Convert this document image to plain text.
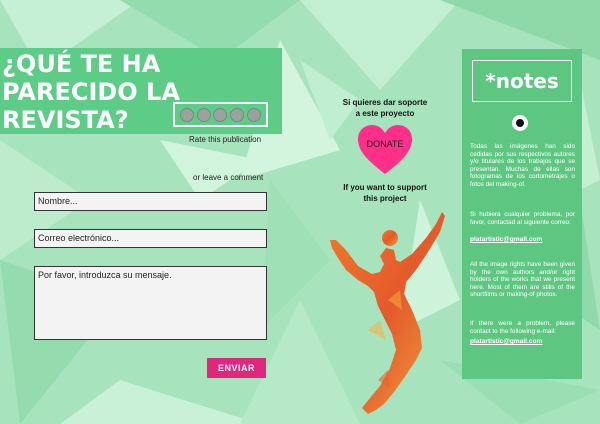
¿QUÉ TE HA
PARECIDO LA
REVISTA?
Rate this publication
or leave a comment
Nombre...
Correo electrónico...
Por favor, introduzca su mensaje.
ENVIAR
Si quieres dar soporte
a este proyecto
DONATE
If you want to support
this project
*notes
Todas las imágenes han sido cedidas por sus respectivos autores y/o titulares de los trabajos que se presentan. Muchas de ellas son fotogramas de los cortometrajes o fotos del making-of.
Si hubiera cualquier problema, por favor, contactad al siguiente correo:
platartistic@gmail.com
All the image rights have been given by the own authors and/or right holders of the works that we present here. Most of them are stills of the shortfilms or making-of photos.
If there were a problem, please contact to the following e-mail:
platartistic@gmail.com
